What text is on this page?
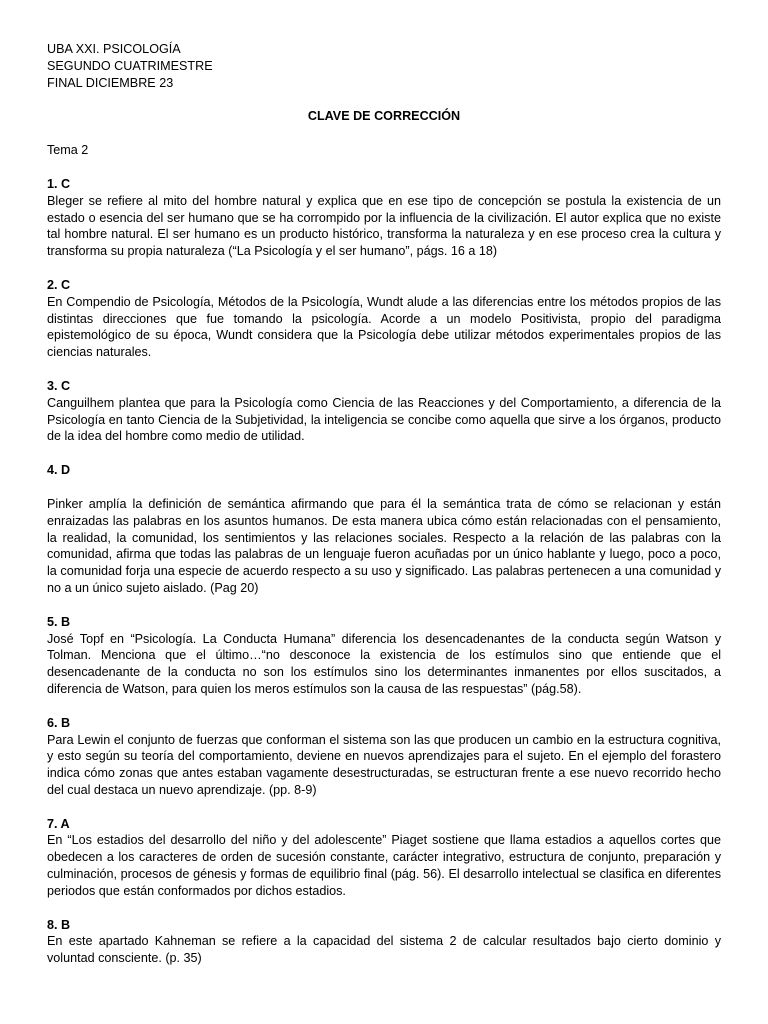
UBA XXI. PSICOLOGÍA
SEGUNDO CUATRIMESTRE
FINAL DICIEMBRE 23
CLAVE DE CORRECCIÓN
Tema 2
1. C
Bleger se refiere al mito del hombre natural y explica que en ese tipo de concepción se postula la existencia de un estado o esencia del ser humano que se ha corrompido por la influencia de la civilización. El autor explica que no existe tal hombre natural. El ser humano es un producto histórico, transforma la naturaleza y en ese proceso crea la cultura y transforma su propia naturaleza (“La Psicología y el ser humano”, págs. 16 a 18)
2. C
En Compendio de Psicología, Métodos de la Psicología, Wundt alude a las diferencias entre los métodos propios de las distintas direcciones que fue tomando la psicología. Acorde a un modelo Positivista, propio del paradigma epistemológico de su época, Wundt considera que la Psicología debe utilizar métodos experimentales propios de las ciencias naturales.
3. C
Canguilhem plantea que para la Psicología como Ciencia de las Reacciones y del Comportamiento, a diferencia de la Psicología en tanto Ciencia de la Subjetividad, la inteligencia se concibe como aquella que sirve a los órganos, producto de la idea del hombre como medio de utilidad.
4. D
Pinker amplía la definición de semántica afirmando que para él la semántica trata de cómo se relacionan y están enraizadas las palabras en los asuntos humanos. De esta manera ubica cómo están relacionadas con el pensamiento, la realidad, la comunidad, los sentimientos y las relaciones sociales. Respecto a la relación de las palabras con la comunidad, afirma que todas las palabras de un lenguaje fueron acuñadas por un único hablante y luego, poco a poco, la comunidad forja una especie de acuerdo respecto a su uso y significado. Las palabras pertenecen a una comunidad y no a un único sujeto aislado. (Pag 20)
5. B
José Topf en “Psicología. La Conducta Humana” diferencia los desencadenantes de la conducta según Watson y Tolman. Menciona que el último…“no desconoce la existencia de los estímulos sino que entiende que el desencadenante de la conducta no son los estímulos sino los determinantes inmanentes por ellos suscitados, a diferencia de Watson, para quien los meros estímulos son la causa de las respuestas” (pág.58).
6. B
Para Lewin el conjunto de fuerzas que conforman el sistema son las que producen un cambio en la estructura cognitiva, y esto según su teoría del comportamiento, deviene en nuevos aprendizajes para el sujeto. En el ejemplo del forastero indica cómo zonas que antes estaban vagamente desestructuradas, se estructuran frente a ese nuevo recorrido hecho del cual destaca un nuevo aprendizaje. (pp. 8-9)
7. A
En “Los estadios del desarrollo del niño y del adolescente” Piaget sostiene que llama estadios a aquellos cortes que obedecen a los caracteres de orden de sucesión constante, carácter integrativo, estructura de conjunto, preparación y culminación, procesos de génesis y formas de equilibrio final (pág. 56). El desarrollo intelectual se clasifica en diferentes periodos que están conformados por dichos estadios.
8. B
En este apartado Kahneman se refiere a la capacidad del sistema 2 de calcular resultados bajo cierto dominio y voluntad consciente. (p. 35)
